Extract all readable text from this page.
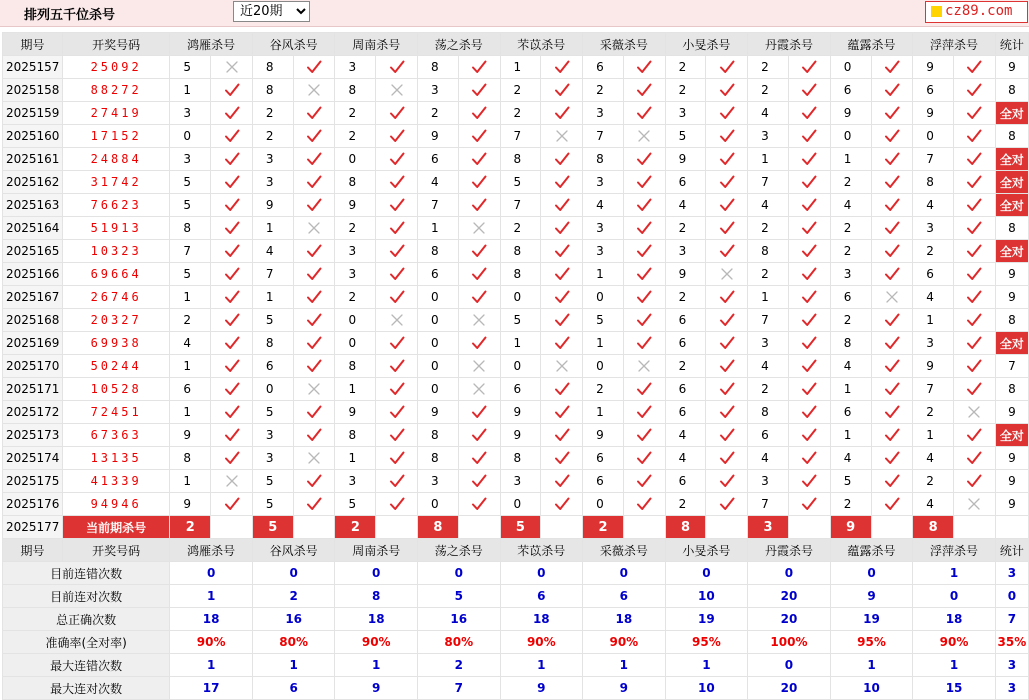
排列五千位杀号
近20期	cz89.com
期号	开奖号码	鸿雁杀号		谷风杀号		周南杀号		荡之杀号		芣苡杀号		采薇杀号		小旻杀号		丹霞杀号		蕴露杀号		浮萍杀号		统计
2025157	25092	5		8		3		8		1		6		2		2		0		9		9
2025158	88272	1		8		8		3		2		2		2		2		6		6		8
2025159	27419	3		2		2		2		2		3		3		4		9		9		全对
2025160	17152	0		2		2		9		7		7		5		3		0		0		8
2025161	24884	3		3		0		6		8		8		9		1		1		7		全对
2025162	31742	5		3		8		4		5		3		6		7		2		8		全对
2025163	76623	5		9		9		7		7		4		4		4		4		4		全对
2025164	51913	8		1		2		1		2		3		2		2		2		3		8
2025165	10323	7		4		3		8		8		3		3		8		2		2		全对
2025166	69664	5		7		3		6		8		1		9		2		3		6		9
2025167	26746	1		1		2		0		0		0		2		1		6		4		9
2025168	20327	2		5		0		0		5		5		6		7		2		1		8
2025169	69938	4		8		0		0		1		1		6		3		8		3		全对
2025170	50244	1		6		8		0		0		0		2		4		4		9		7
2025171	10528	6		0		1		0		6		2		6		2		1		7		8
2025172	72451	1		5		9		9		9		1		6		8		6		2		9
2025173	67363	9		3		8		8		9		9		4		6		1		1		全对
2025174	13135	8		3		1		8		8		6		4		4		4		4		9
2025175	41339	1		5		3		3		3		6		6		3		5		2		9
2025176	94946	9		5		5		0		0		0		2		7		2		4		9
2025177	当前期杀号	2		5		2		8		5		2		8		3		9		8		
期号	开奖号码	鸿雁杀号		谷风杀号		周南杀号		荡之杀号		芣苡杀号		采薇杀号		小旻杀号		丹霞杀号		蕴露杀号		浮萍杀号		统计
目前连错次数		0		0		0		0		0		0		0		0		0		1		3
目前连对次数		1		2		8		5		6		6		10		20		9		0		0
总正确次数		18		16		18		16		18		18		19		20		19		18		7
准确率(全对率)		90%		80%		90%		80%		90%		90%		95%		100%		95%		90%		35%
最大连错次数		1		1		1		2		1		1		1		0		1		1		3
最大连对次数		17		6		9		7		9		9		10		20		10		15		3
